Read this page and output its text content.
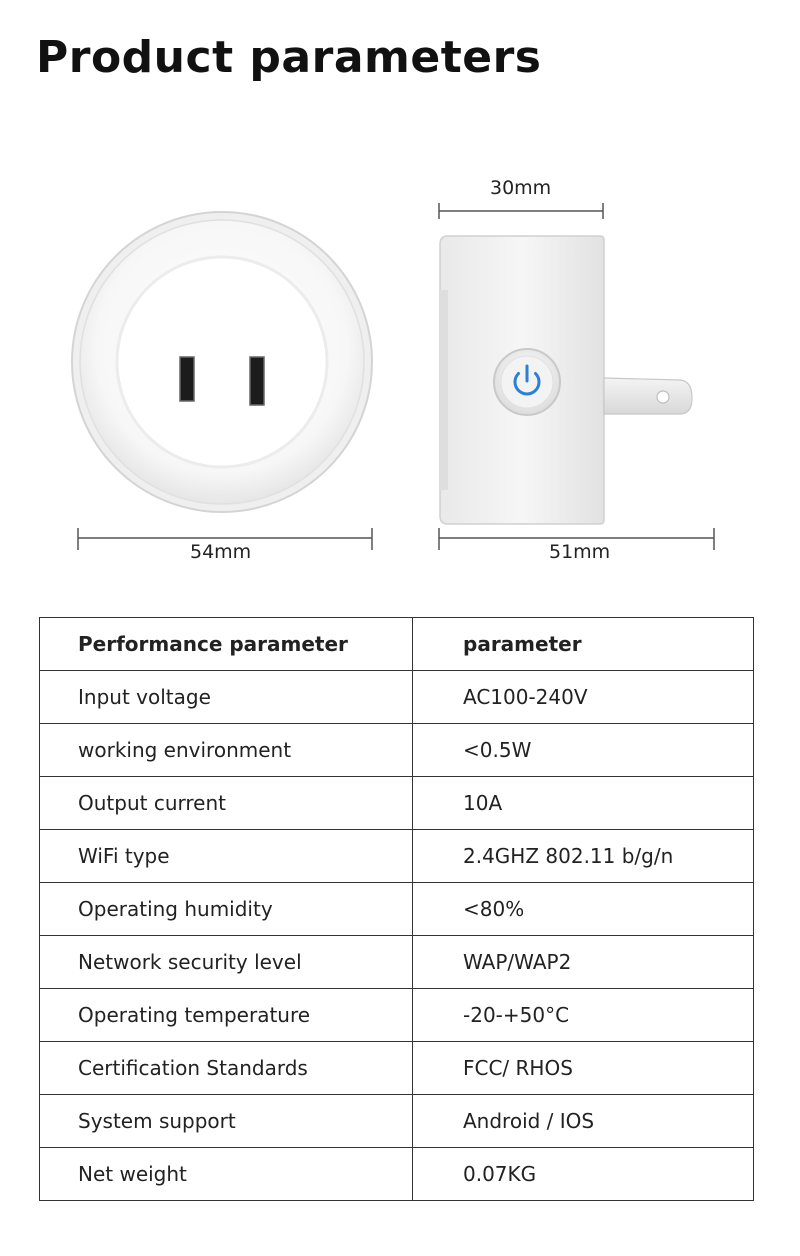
Product parameters
30mm
54mm	51mm
Performance parameter	parameter
Input voltage	AC100-240V
working environment	<0.5W
Output current	10A
WiFi type	2.4GHZ 802.11 b/g/n
Operating humidity	<80%
Network security level	WAP/WAP2
Operating temperature	-20-+50°C
Certification Standards	FCC/ RHOS
System support	Android / IOS
Net weight	0.07KG
